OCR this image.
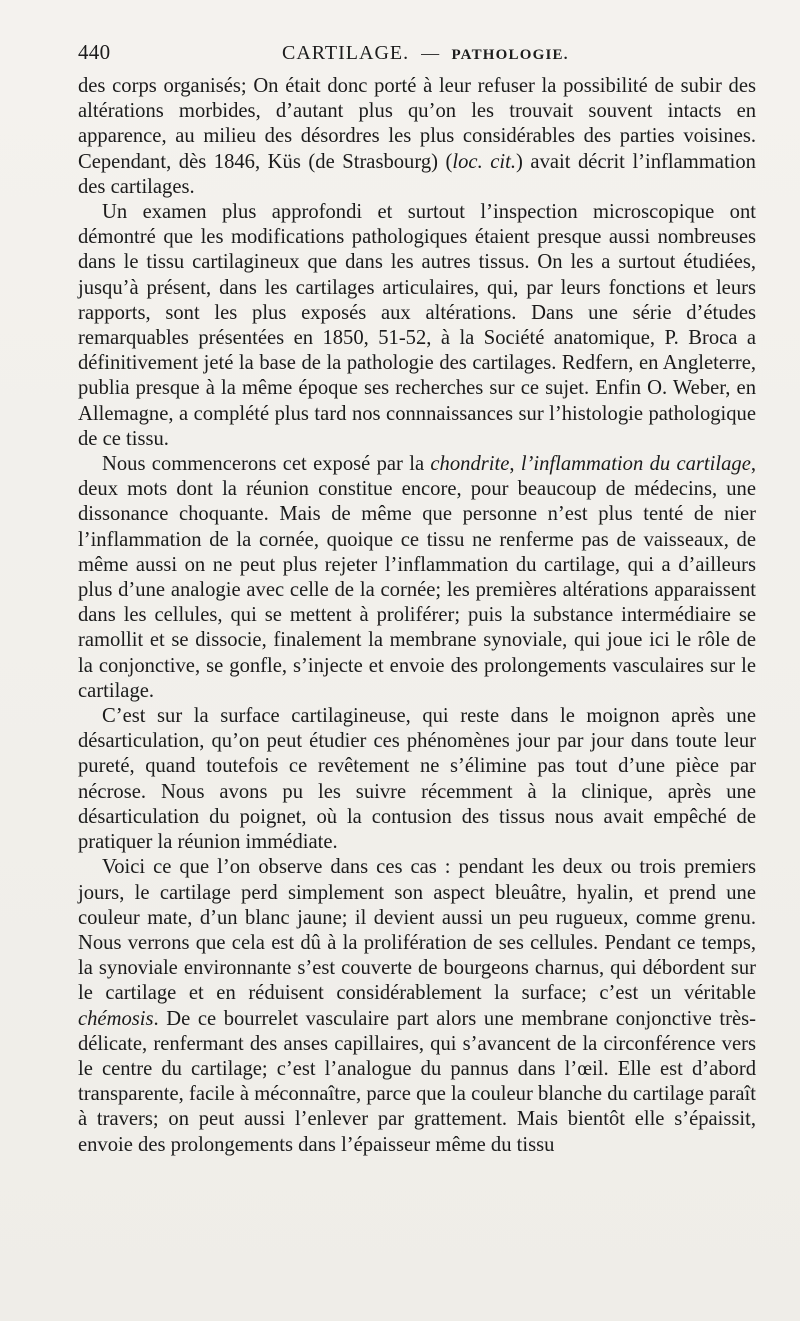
440	CARTILAGE. — PATHOLOGIE.

des corps organisés; On était donc porté à leur refuser la possibilité de subir des altérations morbides, d’autant plus qu’on les trouvait souvent intacts en apparence, au milieu des désordres les plus considérables des parties voisines. Cependant, dès 1846, Küs (de Strasbourg) (loc. cit.) avait décrit l’inflammation des cartilages.

Un examen plus approfondi et surtout l’inspection microscopique ont démontré que les modifications pathologiques étaient presque aussi nombreuses dans le tissu cartilagineux que dans les autres tissus. On les a surtout étudiées, jusqu’à présent, dans les cartilages articulaires, qui, par leurs fonctions et leurs rapports, sont les plus exposés aux altérations. Dans une série d’études remarquables présentées en 1850, 51-52, à la Société anatomique, P. Broca a définitivement jeté la base de la pathologie des cartilages. Redfern, en Angleterre, publia presque à la même époque ses recherches sur ce sujet. Enfin O. Weber, en Allemagne, a complété plus tard nos connnaissances sur l’histologie pathologique de ce tissu.

Nous commencerons cet exposé par la chondrite, l’inflammation du cartilage, deux mots dont la réunion constitue encore, pour beaucoup de médecins, une dissonance choquante. Mais de même que personne n’est plus tenté de nier l’inflammation de la cornée, quoique ce tissu ne renferme pas de vaisseaux, de même aussi on ne peut plus rejeter l’inflammation du cartilage, qui a d’ailleurs plus d’une analogie avec celle de la cornée; les premières altérations apparaissent dans les cellules, qui se mettent à proliférer; puis la substance intermédiaire se ramollit et se dissocie, finalement la membrane synoviale, qui joue ici le rôle de la conjonctive, se gonfle, s’injecte et envoie des prolongements vasculaires sur le cartilage.

C’est sur la surface cartilagineuse, qui reste dans le moignon après une désarticulation, qu’on peut étudier ces phénomènes jour par jour dans toute leur pureté, quand toutefois ce revêtement ne s’élimine pas tout d’une pièce par nécrose. Nous avons pu les suivre récemment à la clinique, après une désarticulation du poignet, où la contusion des tissus nous avait empêché de pratiquer la réunion immédiate.

Voici ce que l’on observe dans ces cas : pendant les deux ou trois premiers jours, le cartilage perd simplement son aspect bleuâtre, hyalin, et prend une couleur mate, d’un blanc jaune; il devient aussi un peu rugueux, comme grenu. Nous verrons que cela est dû à la prolifération de ses cellules. Pendant ce temps, la synoviale environnante s’est couverte de bourgeons charnus, qui débordent sur le cartilage et en réduisent considérablement la surface; c’est un véritable chémosis. De ce bourrelet vasculaire part alors une membrane conjonctive très-délicate, renfermant des anses capillaires, qui s’avancent de la circonférence vers le centre du cartilage; c’est l’analogue du pannus dans l’œil. Elle est d’abord transparente, facile à méconnaître, parce que la couleur blanche du cartilage paraît à travers; on peut aussi l’enlever par grattement. Mais bientôt elle s’épaissit, envoie des prolongements dans l’épaisseur même du tissu
